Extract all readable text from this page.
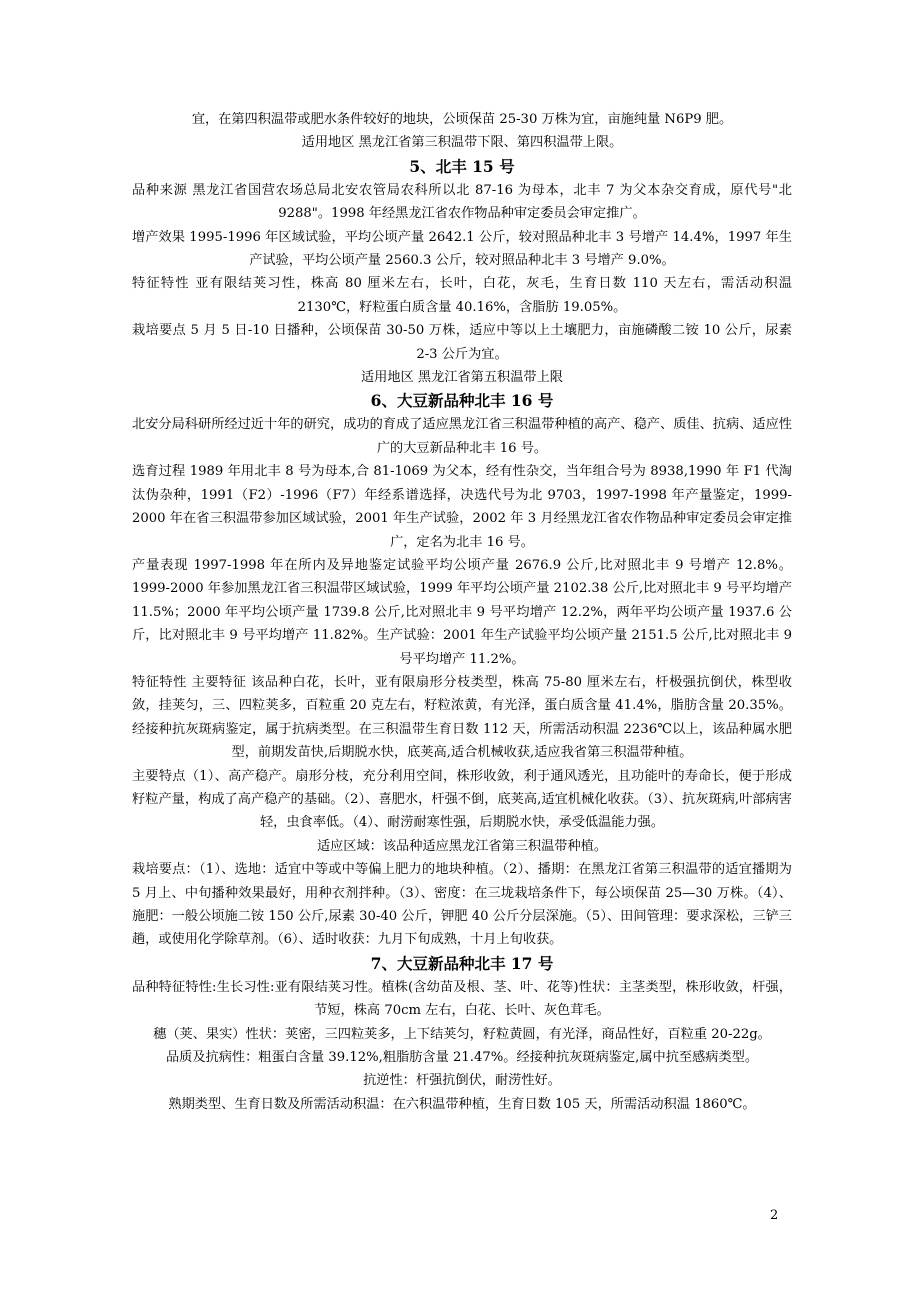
宜，在第四积温带或肥水条件较好的地块，公顷保苗 25-30 万株为宜，亩施纯量 N6P9 肥。

适用地区 黑龙江省第三积温带下限、第四积温带上限。

5、北丰 15 号

品种来源 黑龙江省国营农场总局北安农管局农科所以北 87-16 为母本，北丰 7 为父本杂交育成，原代号"北 9288"。1998 年经黑龙江省农作物品种审定委员会审定推广。

增产效果 1995-1996 年区域试验，平均公顷产量 2642.1 公斤，较对照品种北丰 3 号增产 14.4%，1997 年生产试验，平均公顷产量 2560.3 公斤，较对照品种北丰 3 号增产 9.0%。

特征特性 亚有限结荚习性，株高 80 厘米左右，长叶，白花，灰毛，生育日数 110 天左右，需活动积温 2130℃，籽粒蛋白质含量 40.16%，含脂肪 19.05%。

栽培要点 5 月 5 日-10 日播种，公顷保苗 30-50 万株，适应中等以上土壤肥力，亩施磷酸二铵 10 公斤，尿素 2-3 公斤为宜。

适用地区 黑龙江省第五积温带上限

6、大豆新品种北丰 16 号

北安分局科研所经过近十年的研究，成功的育成了适应黑龙江省三积温带种植的高产、稳产、质佳、抗病、适应性广的大豆新品种北丰 16 号。

选育过程 1989 年用北丰 8 号为母本,合 81-1069 为父本，经有性杂交，当年组合号为 8938,1990 年 F1 代淘汰伪杂种，1991（F2）-1996（F7）年经系谱选择，决选代号为北 9703，1997-1998 年产量鉴定，1999-2000 年在省三积温带参加区域试验，2001 年生产试验，2002 年 3 月经黑龙江省农作物品种审定委员会审定推广，定名为北丰 16 号。

产量表现 1997-1998 年在所内及异地鉴定试验平均公顷产量 2676.9 公斤,比对照北丰 9 号增产 12.8%。1999-2000 年参加黑龙江省三积温带区域试验，1999 年平均公顷产量 2102.38 公斤,比对照北丰 9 号平均增产 11.5%；2000 年平均公顷产量 1739.8 公斤,比对照北丰 9 号平均增产 12.2%，两年平均公顷产量 1937.6 公斤，比对照北丰 9 号平均增产 11.82%。生产试验：2001 年生产试验平均公顷产量 2151.5 公斤,比对照北丰 9 号平均增产 11.2%。

特征特性 主要特征 该品种白花，长叶，亚有限扇形分枝类型，株高 75-80 厘米左右，杆极强抗倒伏，株型收敛，挂荚匀，三、四粒荚多，百粒重 20 克左右，籽粒浓黄，有光泽，蛋白质含量 41.4%，脂肪含量 20.35%。经接种抗灰斑病鉴定，属于抗病类型。在三积温带生育日数 112 天，所需活动积温 2236℃以上，该品种属水肥型，前期发苗快,后期脱水快，底荚高,适合机械收获,适应我省第三积温带种植。

主要特点（1）、高产稳产。扇形分枝，充分利用空间，株形收敛，利于通风透光，且功能叶的寿命长，便于形成籽粒产量，构成了高产稳产的基础。（2）、喜肥水，杆强不倒，底荚高,适宜机械化收获。（3）、抗灰斑病,叶部病害轻，虫食率低。（4）、耐涝耐寒性强，后期脱水快，承受低温能力强。

适应区域：该品种适应黑龙江省第三积温带种植。

栽培要点：（1）、选地：适宜中等或中等偏上肥力的地块种植。（2）、播期：在黑龙江省第三积温带的适宜播期为 5 月上、中旬播种效果最好，用种衣剂拌种。（3）、密度：在三垅栽培条件下，每公顷保苗 25—30 万株。（4）、施肥：一般公顷施二铵 150 公斤,尿素 30-40 公斤，钾肥 40 公斤分层深施。（5）、田间管理：要求深松，三铲三趟，或使用化学除草剂。（6）、适时收获：九月下旬成熟，十月上旬收获。

7、大豆新品种北丰 17 号

品种特征特性:生长习性:亚有限结荚习性。植株(含幼苗及根、茎、叶、花等)性状：主茎类型，株形收敛，杆强，节短，株高 70cm 左右，白花、长叶、灰色茸毛。

穗（荚、果实）性状：荚密，三四粒荚多，上下结荚匀，籽粒黄圆，有光泽，商品性好，百粒重 20-22g。

品质及抗病性：粗蛋白含量 39.12%,粗脂肪含量 21.47%。经接种抗灰斑病鉴定,属中抗至感病类型。

抗逆性：杆强抗倒伏，耐涝性好。

熟期类型、生育日数及所需活动积温：在六积温带种植，生育日数 105 天，所需活动积温 1860℃。

2
